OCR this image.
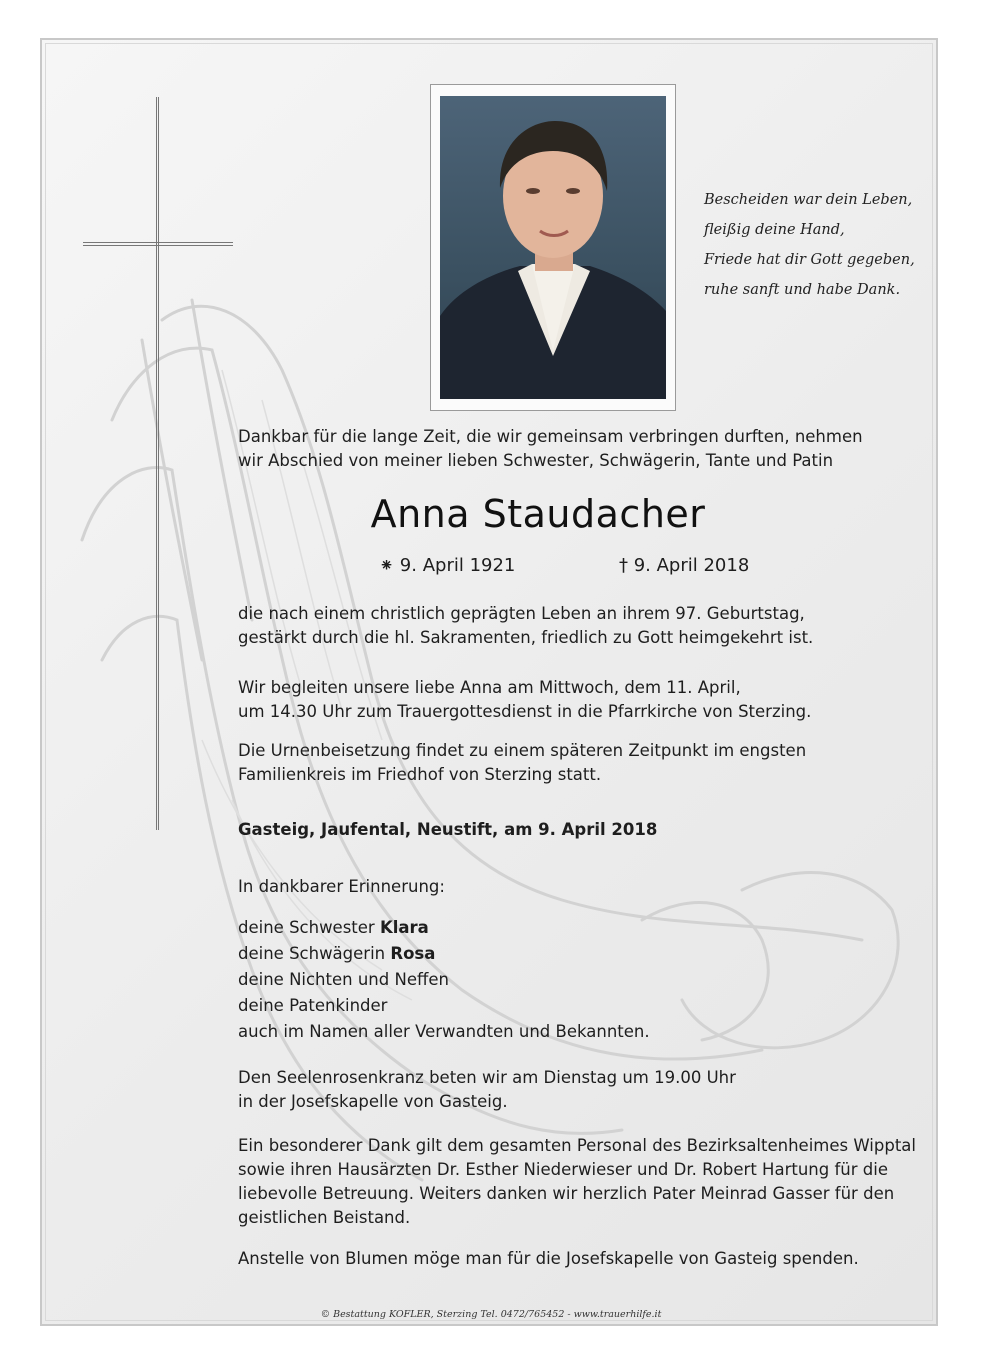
Bescheiden war dein Leben,
fleißig deine Hand,
Friede hat dir Gott gegeben,
ruhe sanft und habe Dank.
Dankbar für die lange Zeit, die wir gemeinsam verbringen durften, nehmen
wir Abschied von meiner lieben Schwester, Schwägerin, Tante und Patin
Anna Staudacher
⁕ 9. April 1921	† 9. April 2018
die nach einem christlich geprägten Leben an ihrem 97. Geburtstag,
gestärkt durch die hl. Sakramenten, friedlich zu Gott heimgekehrt ist.
Wir begleiten unsere liebe Anna am Mittwoch, dem 11. April,
um 14.30 Uhr zum Trauergottesdienst in die Pfarrkirche von Sterzing.
Die Urnenbeisetzung findet zu einem späteren Zeitpunkt im engsten
Familienkreis im Friedhof von Sterzing statt.
Gasteig, Jaufental, Neustift, am 9. April 2018
In dankbarer Erinnerung:
deine Schwester Klara
deine Schwägerin Rosa
deine Nichten und Neffen
deine Patenkinder
auch im Namen aller Verwandten und Bekannten.
Den Seelenrosenkranz beten wir am Dienstag um 19.00 Uhr
in der Josefskapelle von Gasteig.
Ein besonderer Dank gilt dem gesamten Personal des Bezirksaltenheimes Wipptal
sowie ihren Hausärzten Dr. Esther Niederwieser und Dr. Robert Hartung für die
liebevolle Betreuung. Weiters danken wir herzlich Pater Meinrad Gasser für den
geistlichen Beistand.
Anstelle von Blumen möge man für die Josefskapelle von Gasteig spenden.
© Bestattung KOFLER, Sterzing Tel. 0472/765452 - www.trauerhilfe.it
